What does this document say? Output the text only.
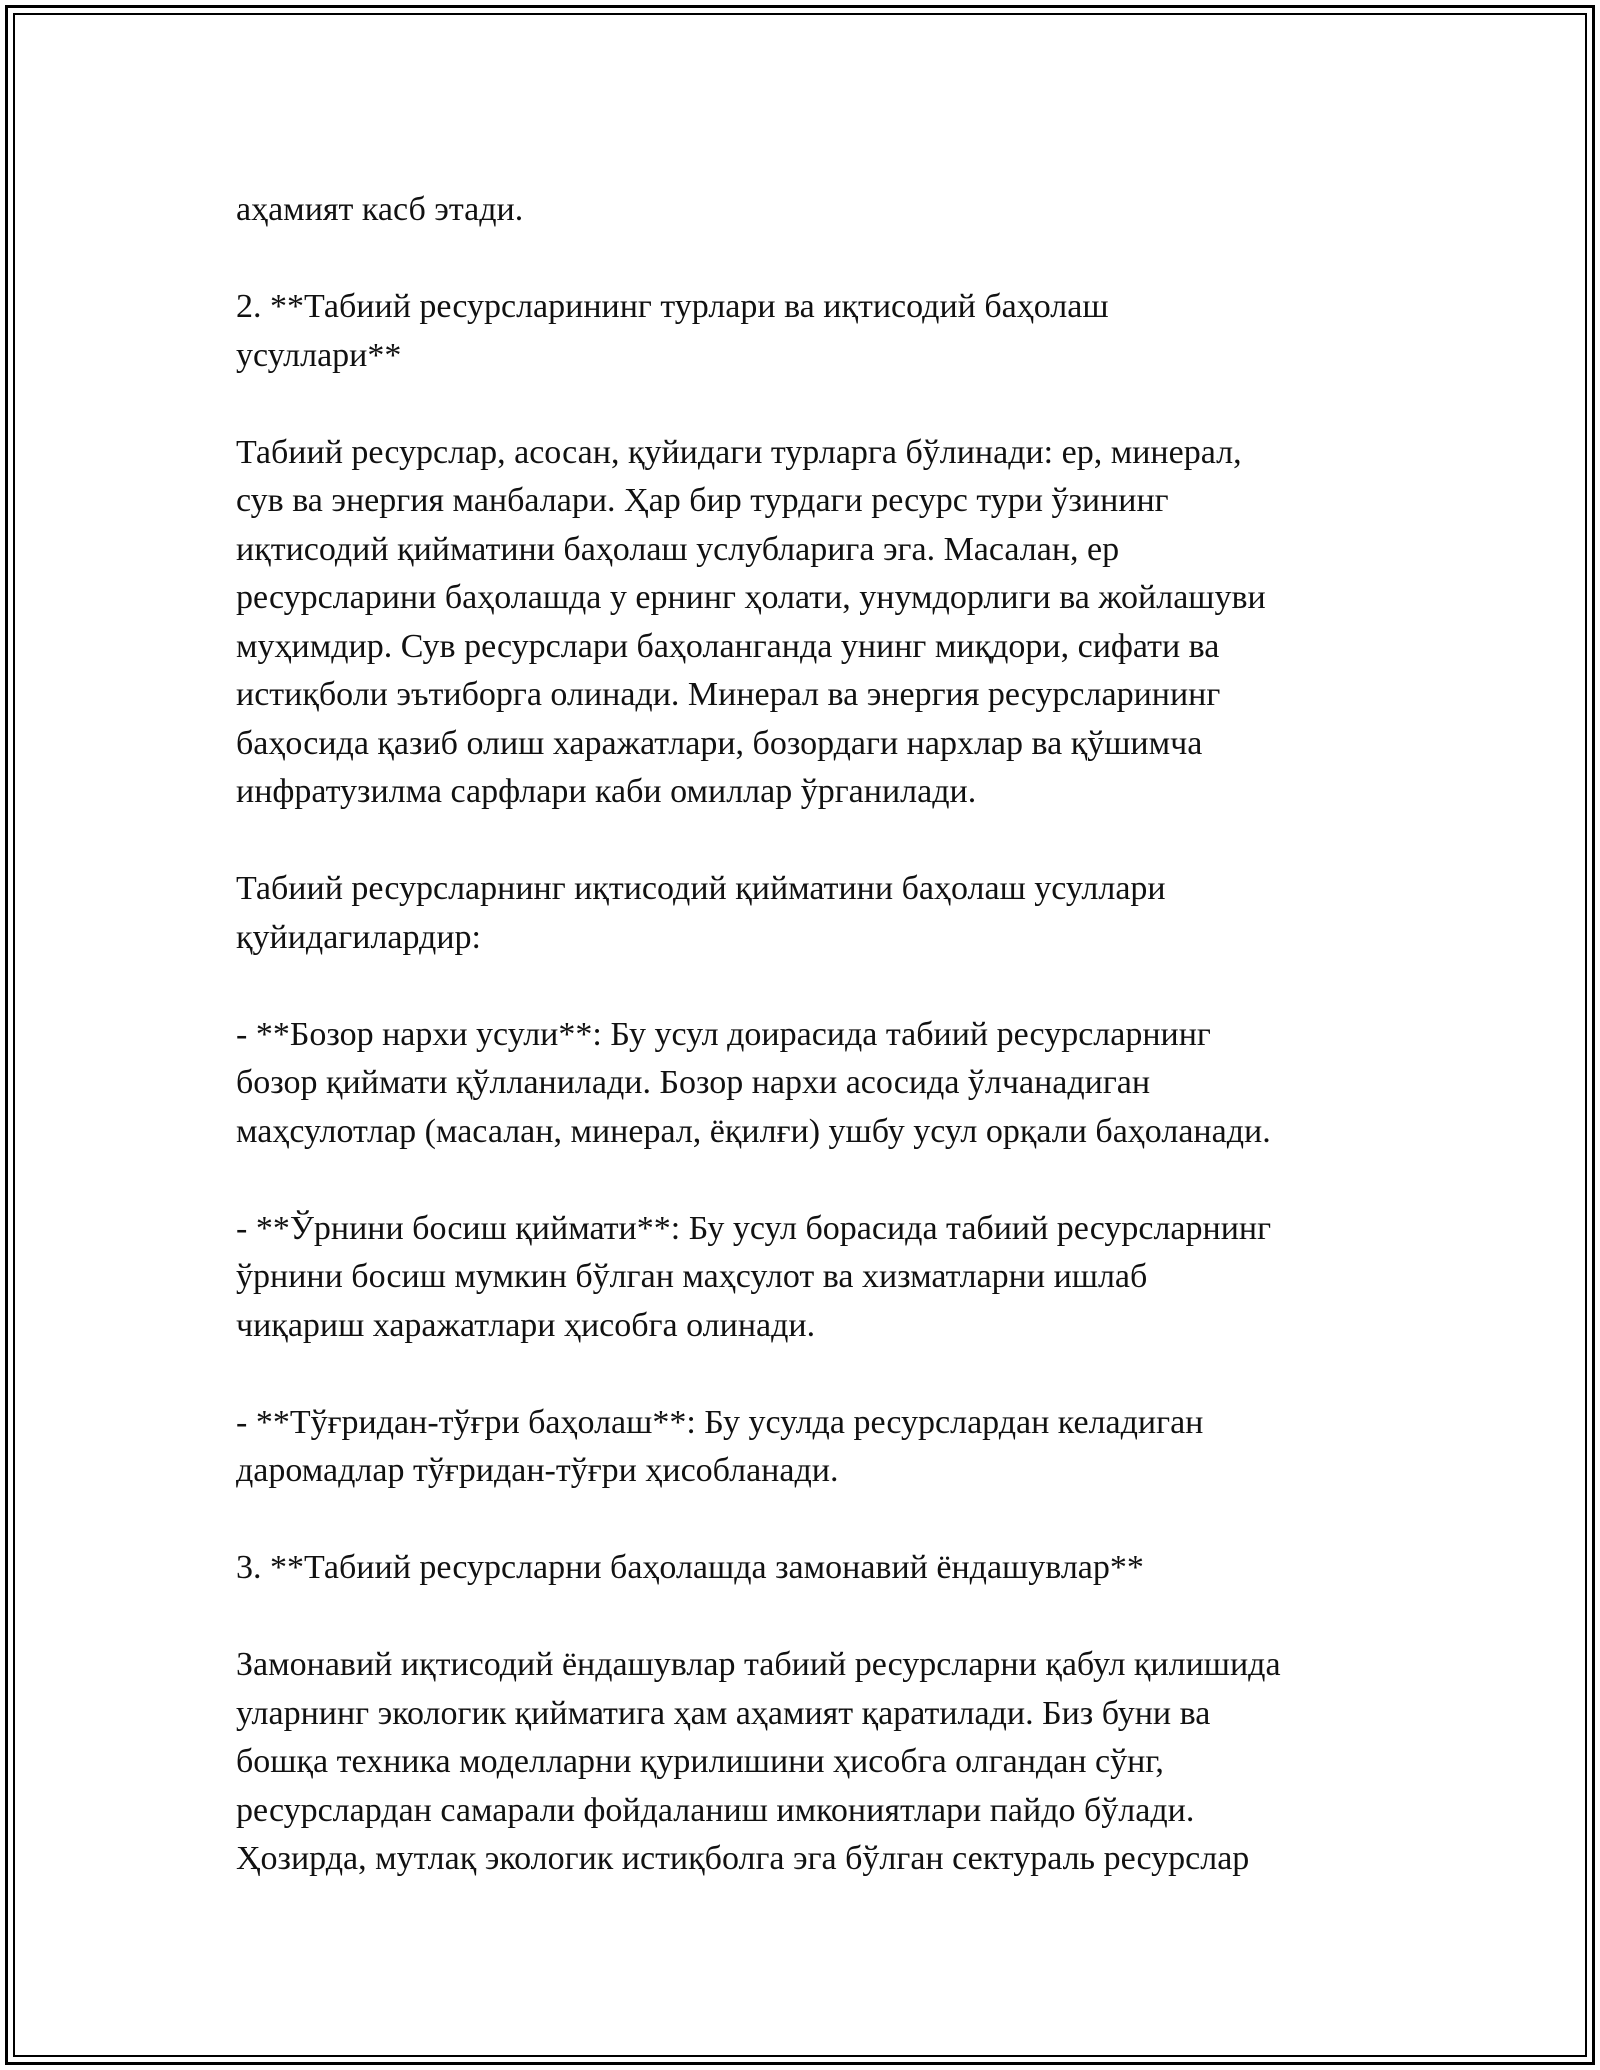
аҳамият касб этади.

2. **Табиий ресурсларининг турлари ва иқтисодий баҳолаш
усуллари**

Табиий ресурслар, асосан, қуйидаги турларга бўлинади: ер, минерал,
сув ва энергия манбалари. Ҳар бир турдаги ресурс тури ўзининг
иқтисодий қийматини баҳолаш услубларига эга. Масалан, ер
ресурсларини баҳолашда у ернинг ҳолати, унумдорлиги ва жойлашуви
муҳимдир. Сув ресурслари баҳоланганда унинг миқдори, сифати ва
истиқболи эътиборга олинади. Минерал ва энергия ресурсларининг
баҳосида қазиб олиш харажатлари, бозордаги нархлар ва қўшимча
инфратузилма сарфлари каби омиллар ўрганилади.

Табиий ресурсларнинг иқтисодий қийматини баҳолаш усуллари
қуйидагилардир:

- **Бозор нархи усули**: Бу усул доирасида табиий ресурсларнинг
бозор қиймати қўлланилади. Бозор нархи асосида ўлчанадиган
маҳсулотлар (масалан, минерал, ёқилғи) ушбу усул орқали баҳоланади.

- **Ўрнини босиш қиймати**: Бу усул борасида табиий ресурсларнинг
ўрнини босиш мумкин бўлган маҳсулот ва хизматларни ишлаб
чиқариш харажатлари ҳисобга олинади.

- **Тўғридан-тўғри баҳолаш**: Бу усулда ресурслардан келадиган
даромадлар тўғридан-тўғри ҳисобланади.

3. **Табиий ресурсларни баҳолашда замонавий ёндашувлар**

Замонавий иқтисодий ёндашувлар табиий ресурсларни қабул қилишида
уларнинг экологик қийматига ҳам аҳамият қаратилади. Биз буни ва
бошқа техника моделларни қурилишини ҳисобга олгандан сўнг,
ресурслардан самарали фойдаланиш имкониятлари пайдо бўлади.
Ҳозирда, мутлақ экологик истиқболга эга бўлган сектураль ресурслар
